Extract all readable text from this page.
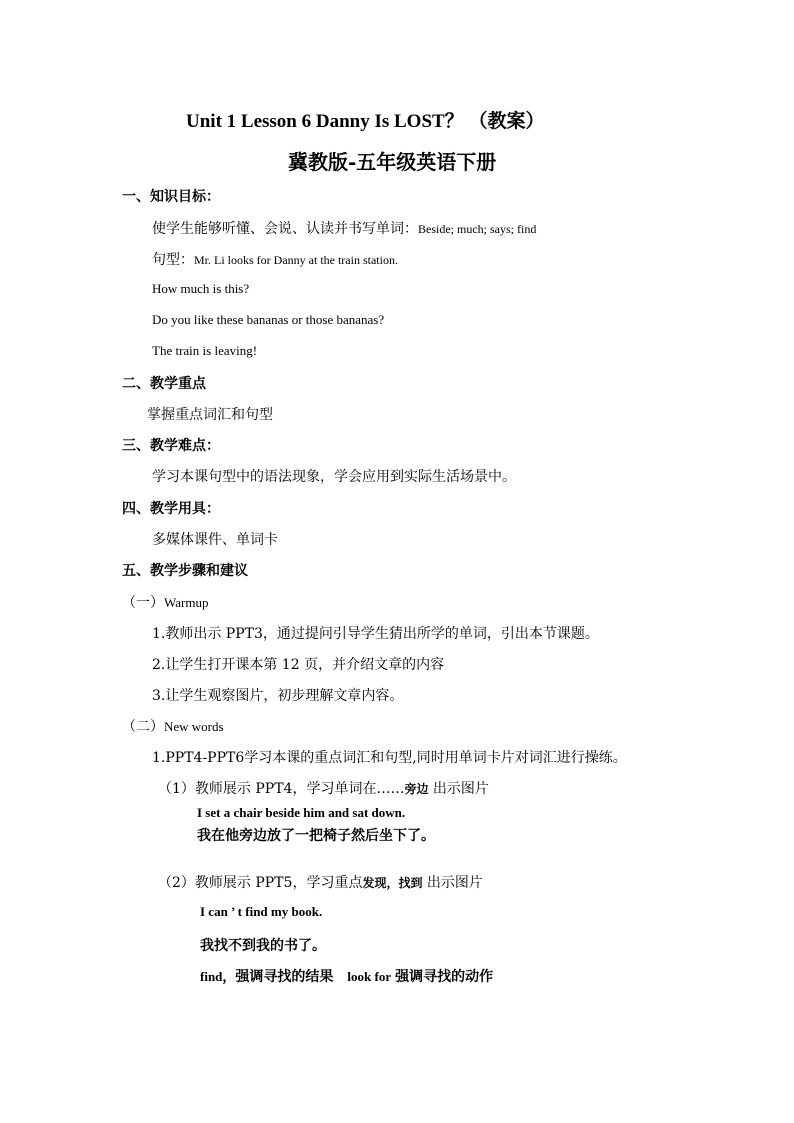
Unit 1 Lesson 6 Danny Is LOST？ （教案）
冀教版-五年级英语下册
一、知识目标：
使学生能够听懂、会说、认读并书写单词：Beside; much; says; find
句型：Mr. Li looks for Danny at the train station.
How much is this?
Do you like these bananas or those bananas?
The train is leaving!
二、教学重点
掌握重点词汇和句型
三、教学难点：
学习本课句型中的语法现象，学会应用到实际生活场景中。
四、教学用具：
多媒体课件、单词卡
五、教学步骤和建议
（一）Warmup
1.教师出示 PPT3，通过提问引导学生猜出所学的单词，引出本节课题。
2.让学生打开课本第 12 页，并介绍文章的内容
3.让学生观察图片，初步理解文章内容。
（二）New words
1.PPT4-PPT6学习本课的重点词汇和句型,同时用单词卡片对词汇进行操练。
（1）教师展示 PPT4，学习单词在……旁边 出示图片
I set a chair beside him and sat down.
我在他旁边放了一把椅子然后坐下了。
（2）教师展示 PPT5，学习重点发现，找到 出示图片
I can ’ t find my book.
我找不到我的书了。
find，强调寻找的结果 look for 强调寻找的动作
